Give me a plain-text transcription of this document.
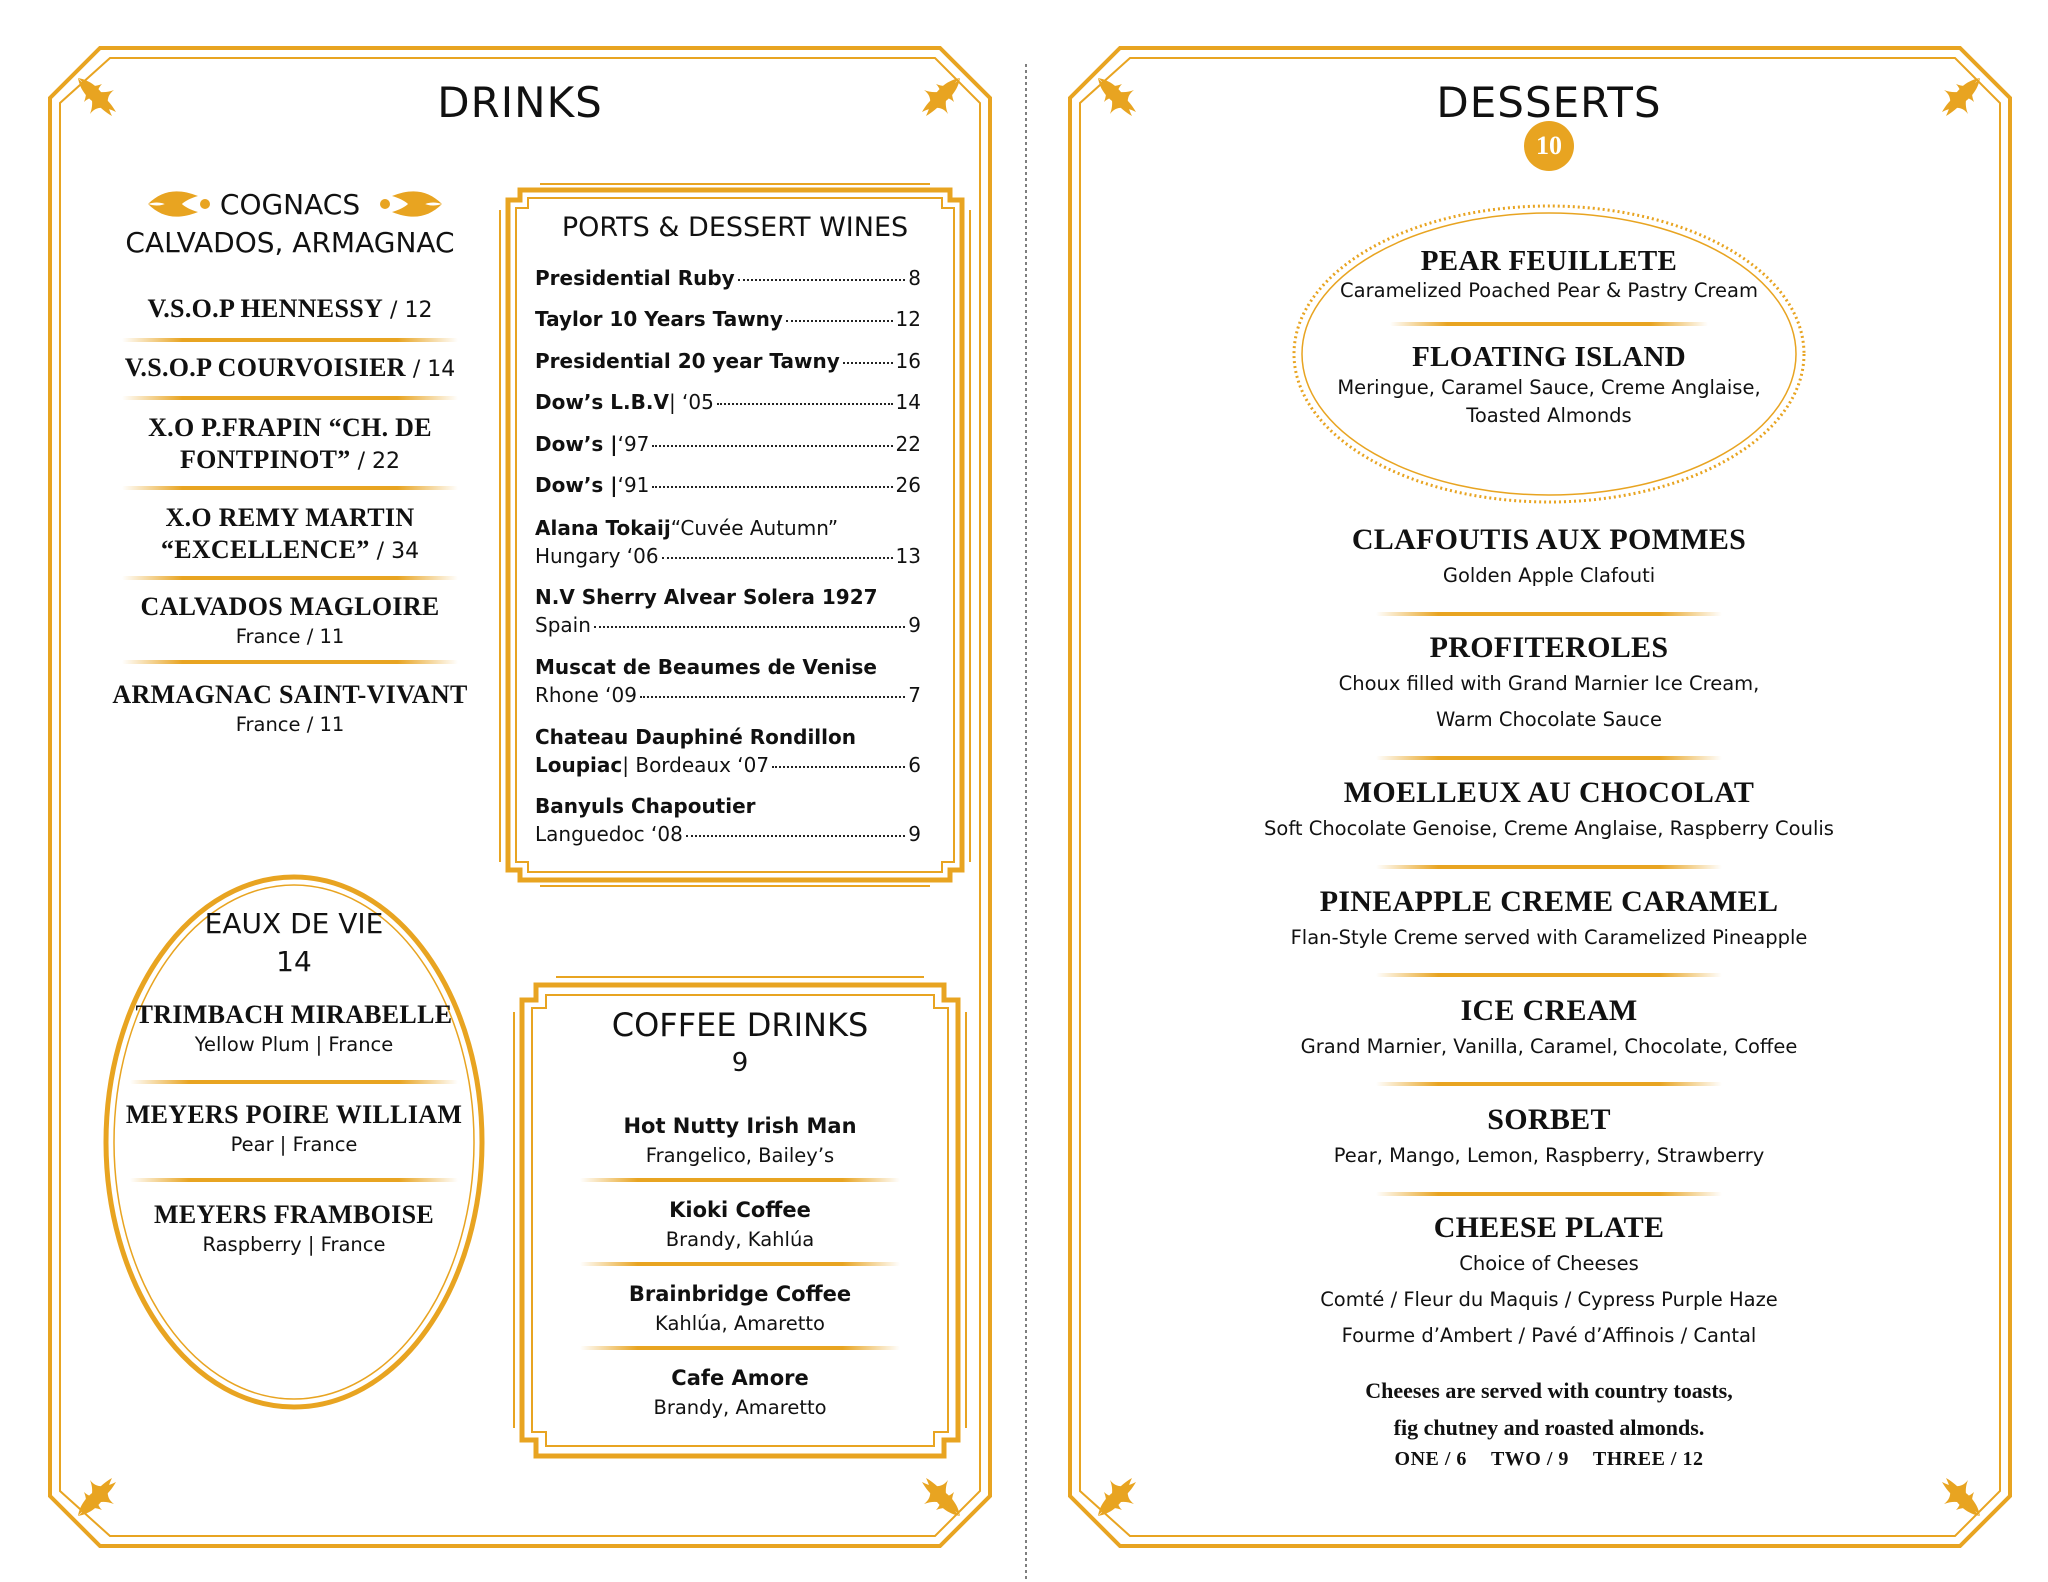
DRINKS
COGNACS
CALVADOS, ARMAGNAC
V.S.O.P HENNESSY / 12
V.S.O.P COURVOISIER / 14
X.O P.FRAPIN “CH. DE
FONTPINOT” / 22
X.O REMY MARTIN
“EXCELLENCE” / 34
CALVADOS MAGLOIRE
France / 11
ARMAGNAC SAINT-VIVANT
France / 11
EAUX DE VIE
14
TRIMBACH MIRABELLE
Yellow Plum | France
MEYERS POIRE WILLIAM
Pear | France
MEYERS FRAMBOISE
Raspberry | France
PORTS & DESSERT WINES
Presidential Ruby	8
Taylor 10 Years Tawny	12
Presidential 20 year Tawny	16
Dow’s L.B.V | ‘05	14
Dow’s | ‘97	22
Dow’s | ‘91	26
Alana Tokaij “Cuvée Autumn”
Hungary ‘06	13
N.V Sherry Alvear Solera 1927
Spain	9
Muscat de Beaumes de Venise
Rhone ‘09	7
Chateau Dauphiné Rondillon
Loupiac | Bordeaux ‘07	6
Banyuls Chapoutier
Languedoc ‘08	9
COFFEE DRINKS
9
Hot Nutty Irish Man
Frangelico, Bailey’s
Kioki Coffee
Brandy, Kahlúa
Brainbridge Coffee
Kahlúa, Amaretto
Cafe Amore
Brandy, Amaretto
DESSERTS
10
PEAR FEUILLETE
Caramelized Poached Pear & Pastry Cream
FLOATING ISLAND
Meringue, Caramel Sauce, Creme Anglaise,
Toasted Almonds
CLAFOUTIS AUX POMMES
Golden Apple Clafouti
PROFITEROLES
Choux filled with Grand Marnier Ice Cream,
Warm Chocolate Sauce
MOELLEUX AU CHOCOLAT
Soft Chocolate Genoise, Creme Anglaise, Raspberry Coulis
PINEAPPLE CREME CARAMEL
Flan-Style Creme served with Caramelized Pineapple
ICE CREAM
Grand Marnier, Vanilla, Caramel, Chocolate, Coffee
SORBET
Pear, Mango, Lemon, Raspberry, Strawberry
CHEESE PLATE
Choice of Cheeses
Comté / Fleur du Maquis / Cypress Purple Haze
Fourme d’Ambert / Pavé d’Affinois / Cantal
Cheeses are served with country toasts,
fig chutney and roasted almonds.
ONE / 6 TWO / 9 THREE / 12
